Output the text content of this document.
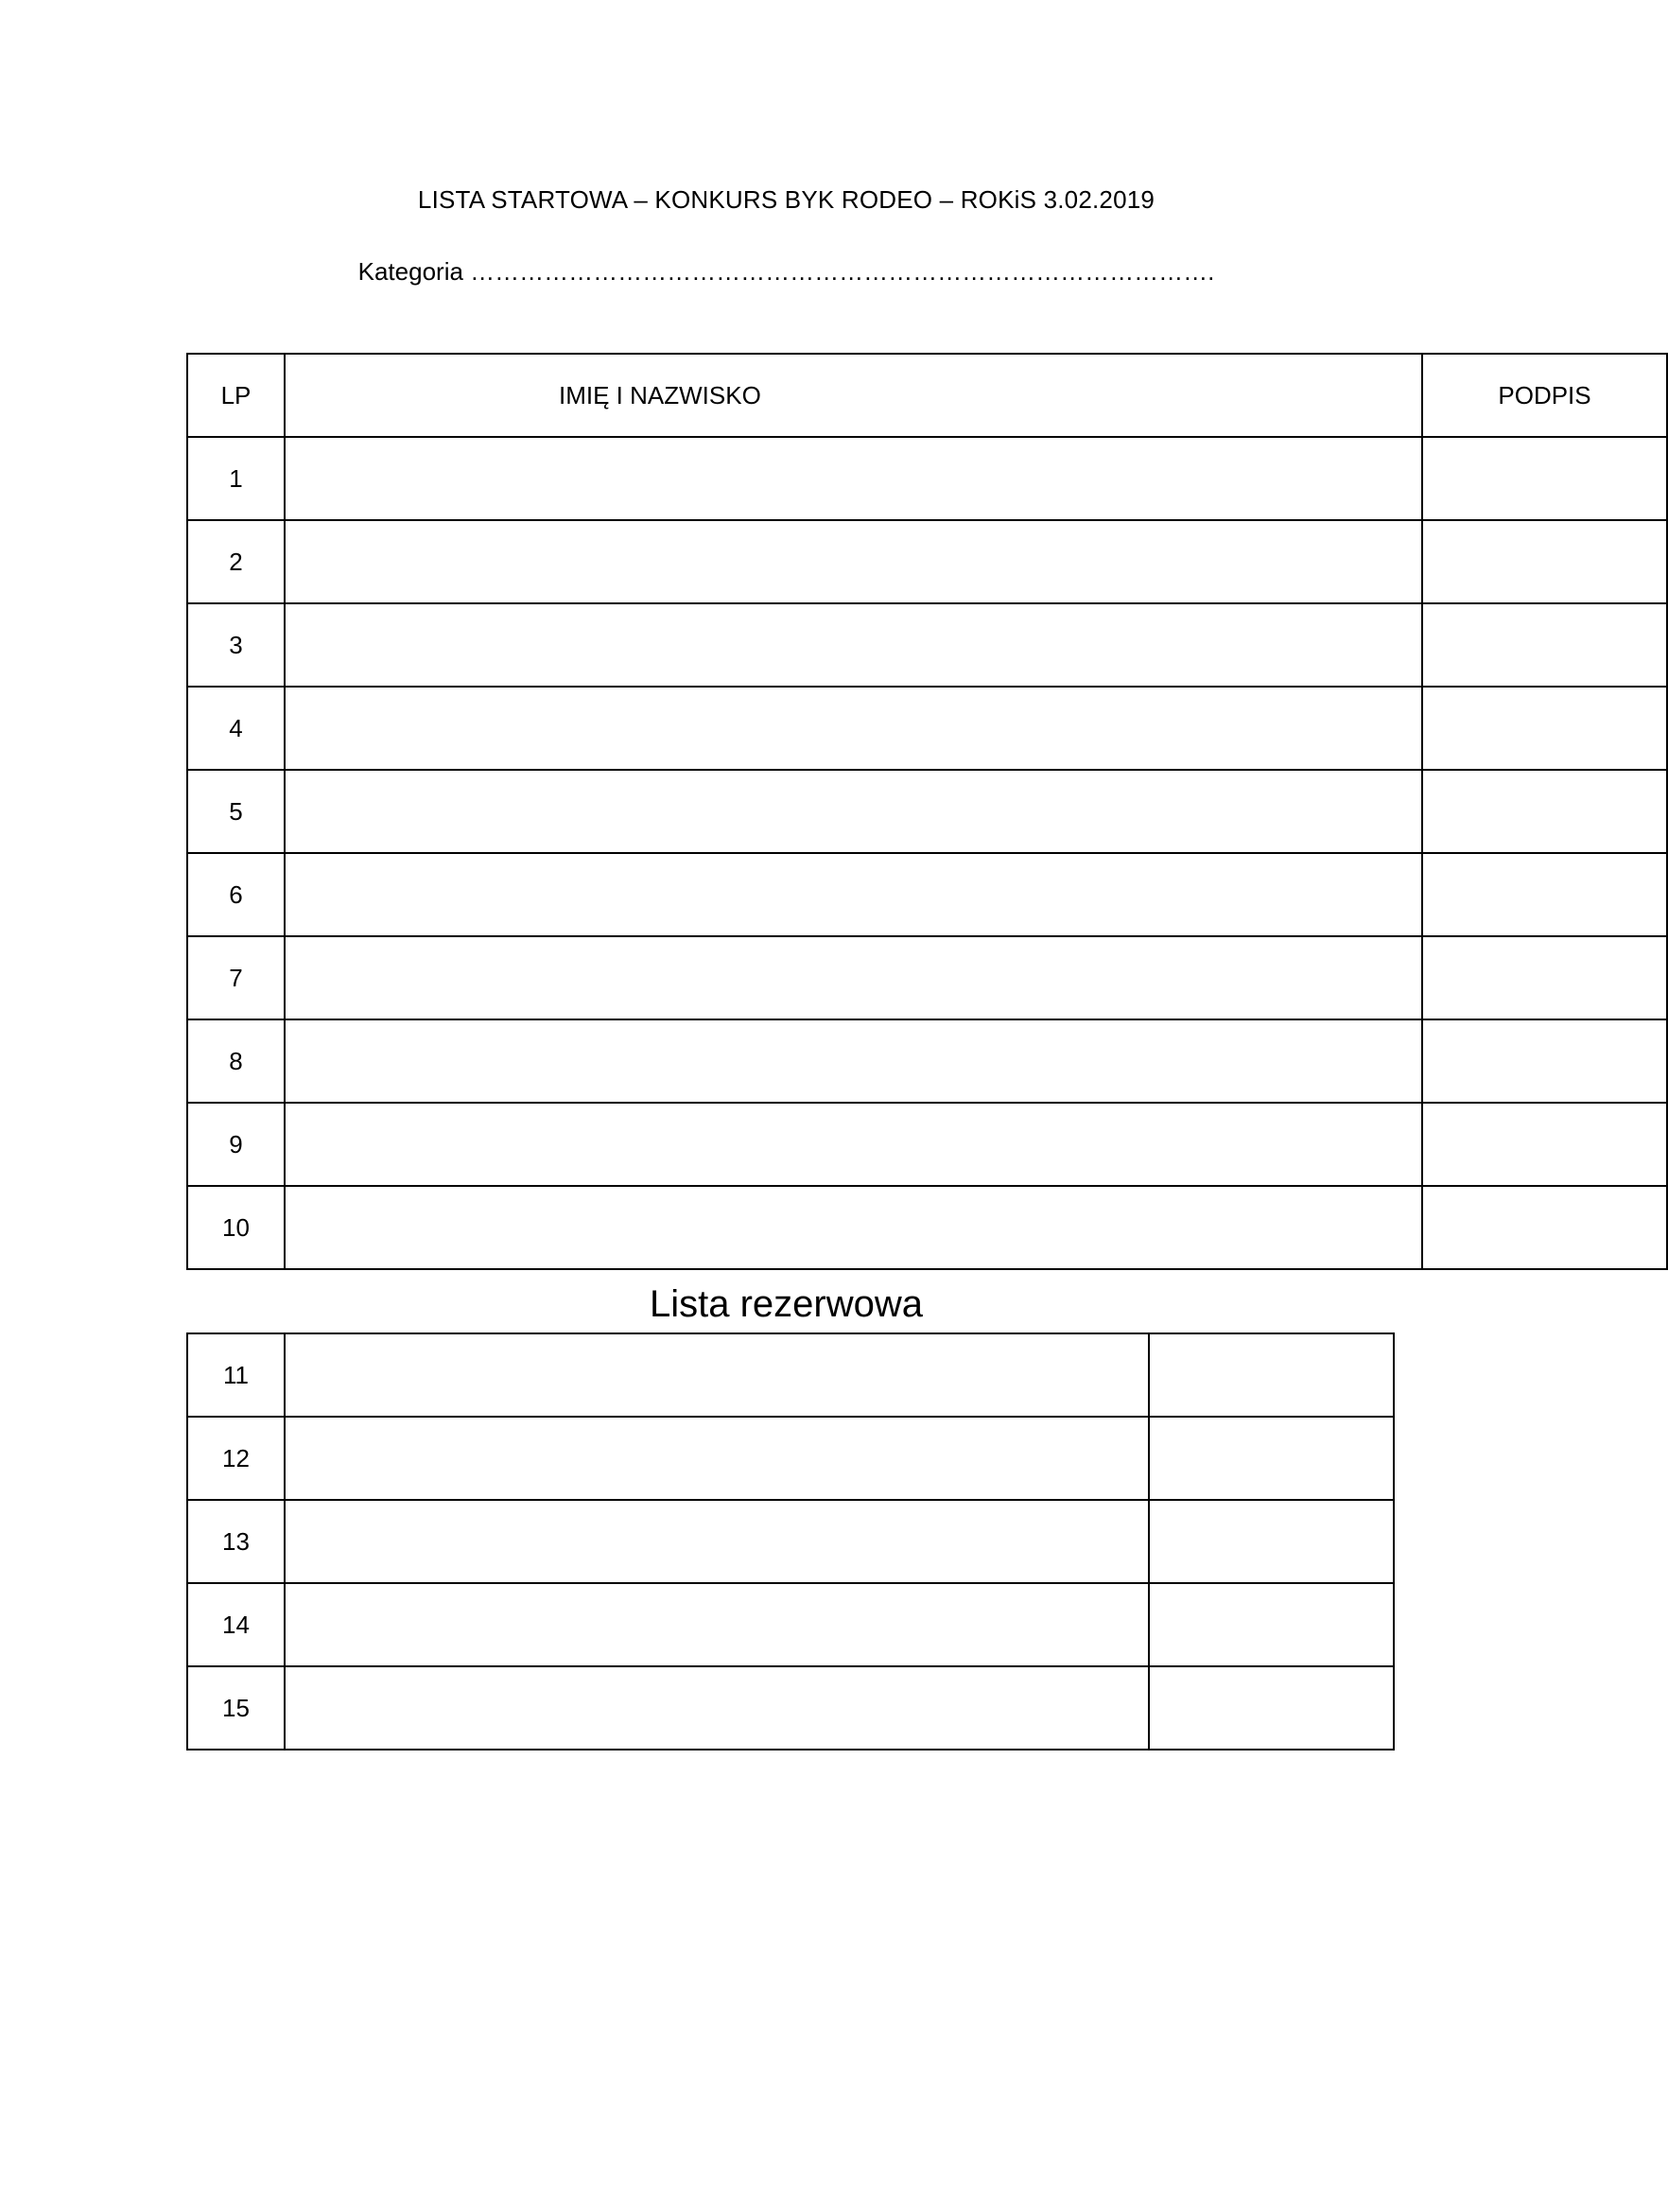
LISTA STARTOWA – KONKURS BYK RODEO – ROKiS 3.02.2019
Kategoria ……………………………………………………………………………….
LP	IMIĘ I NAZWISKO	PODPIS
1		
2		
3		
4		
5		
6		
7		
8		
9		
10		
Lista rezerwowa
11		
12		
13		
14		
15		
